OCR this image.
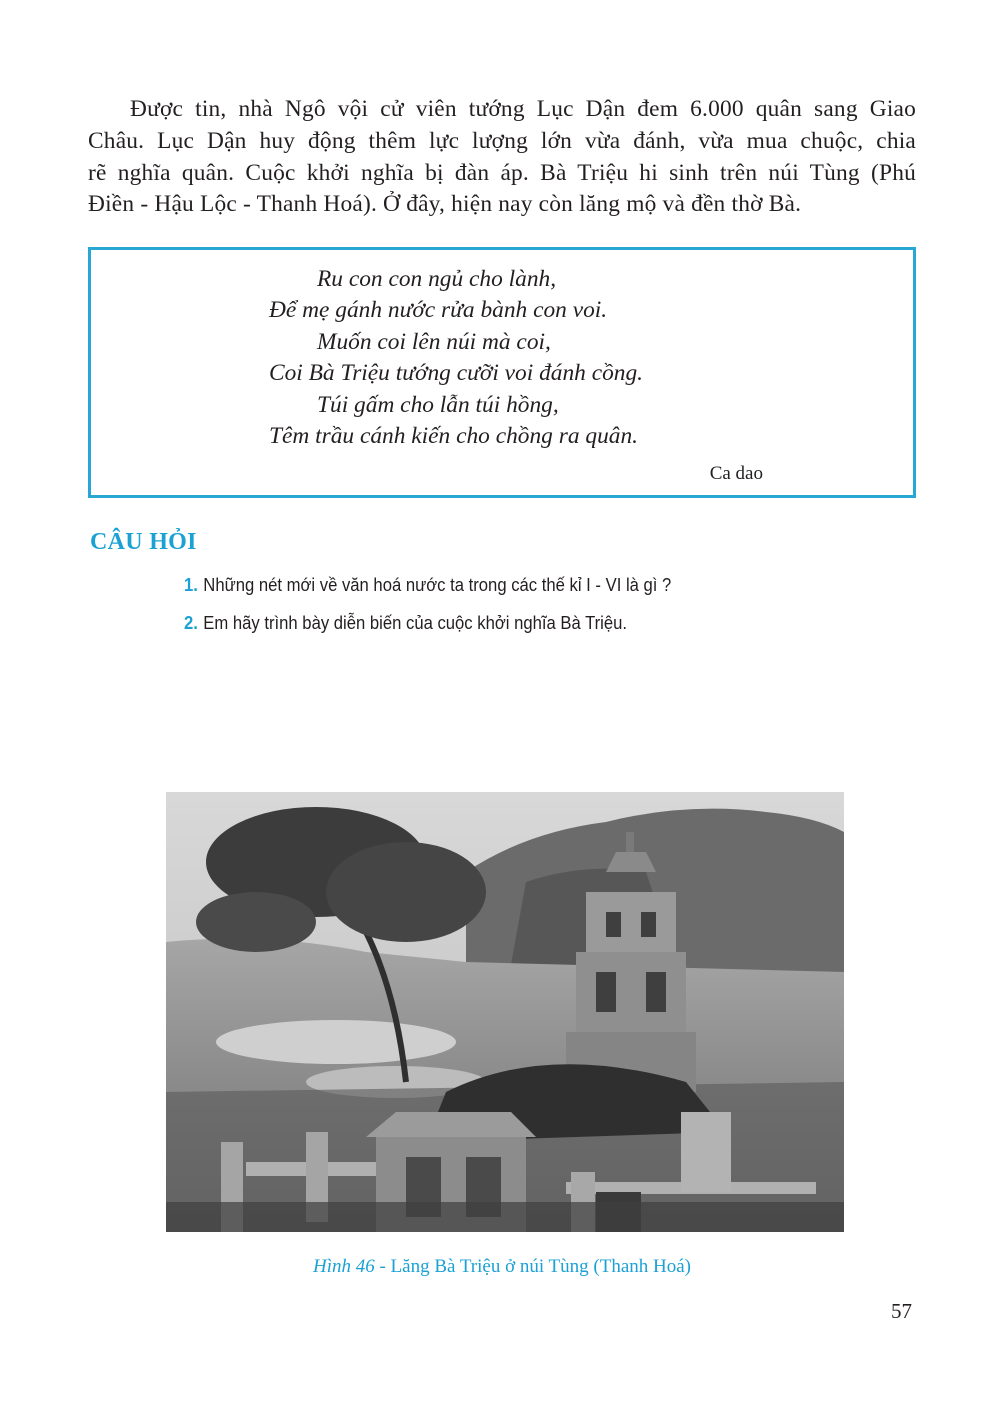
Được tin, nhà Ngô vội cử viên tướng Lục Dận đem 6.000 quân sang Giao
Châu. Lục Dận huy động thêm lực lượng lớn vừa đánh, vừa mua chuộc, chia
rẽ nghĩa quân. Cuộc khởi nghĩa bị đàn áp. Bà Triệu hi sinh trên núi Tùng (Phú
Điền - Hậu Lộc - Thanh Hoá). Ở đây, hiện nay còn lăng mộ và đền thờ Bà.
Ru con con ngủ cho lành,
Để mẹ gánh nước rửa bành con voi.
Muốn coi lên núi mà coi,
Coi Bà Triệu tướng cưỡi voi đánh cồng.
Túi gấm cho lẫn túi hồng,
Têm trầu cánh kiến cho chồng ra quân.
Ca dao
CÂU HỎI
1. Những nét mới về văn hoá nước ta trong các thế kỉ I - VI là gì ?
2. Em hãy trình bày diễn biến của cuộc khởi nghĩa Bà Triệu.
Hình 46 - Lăng Bà Triệu ở núi Tùng (Thanh Hoá)
57
